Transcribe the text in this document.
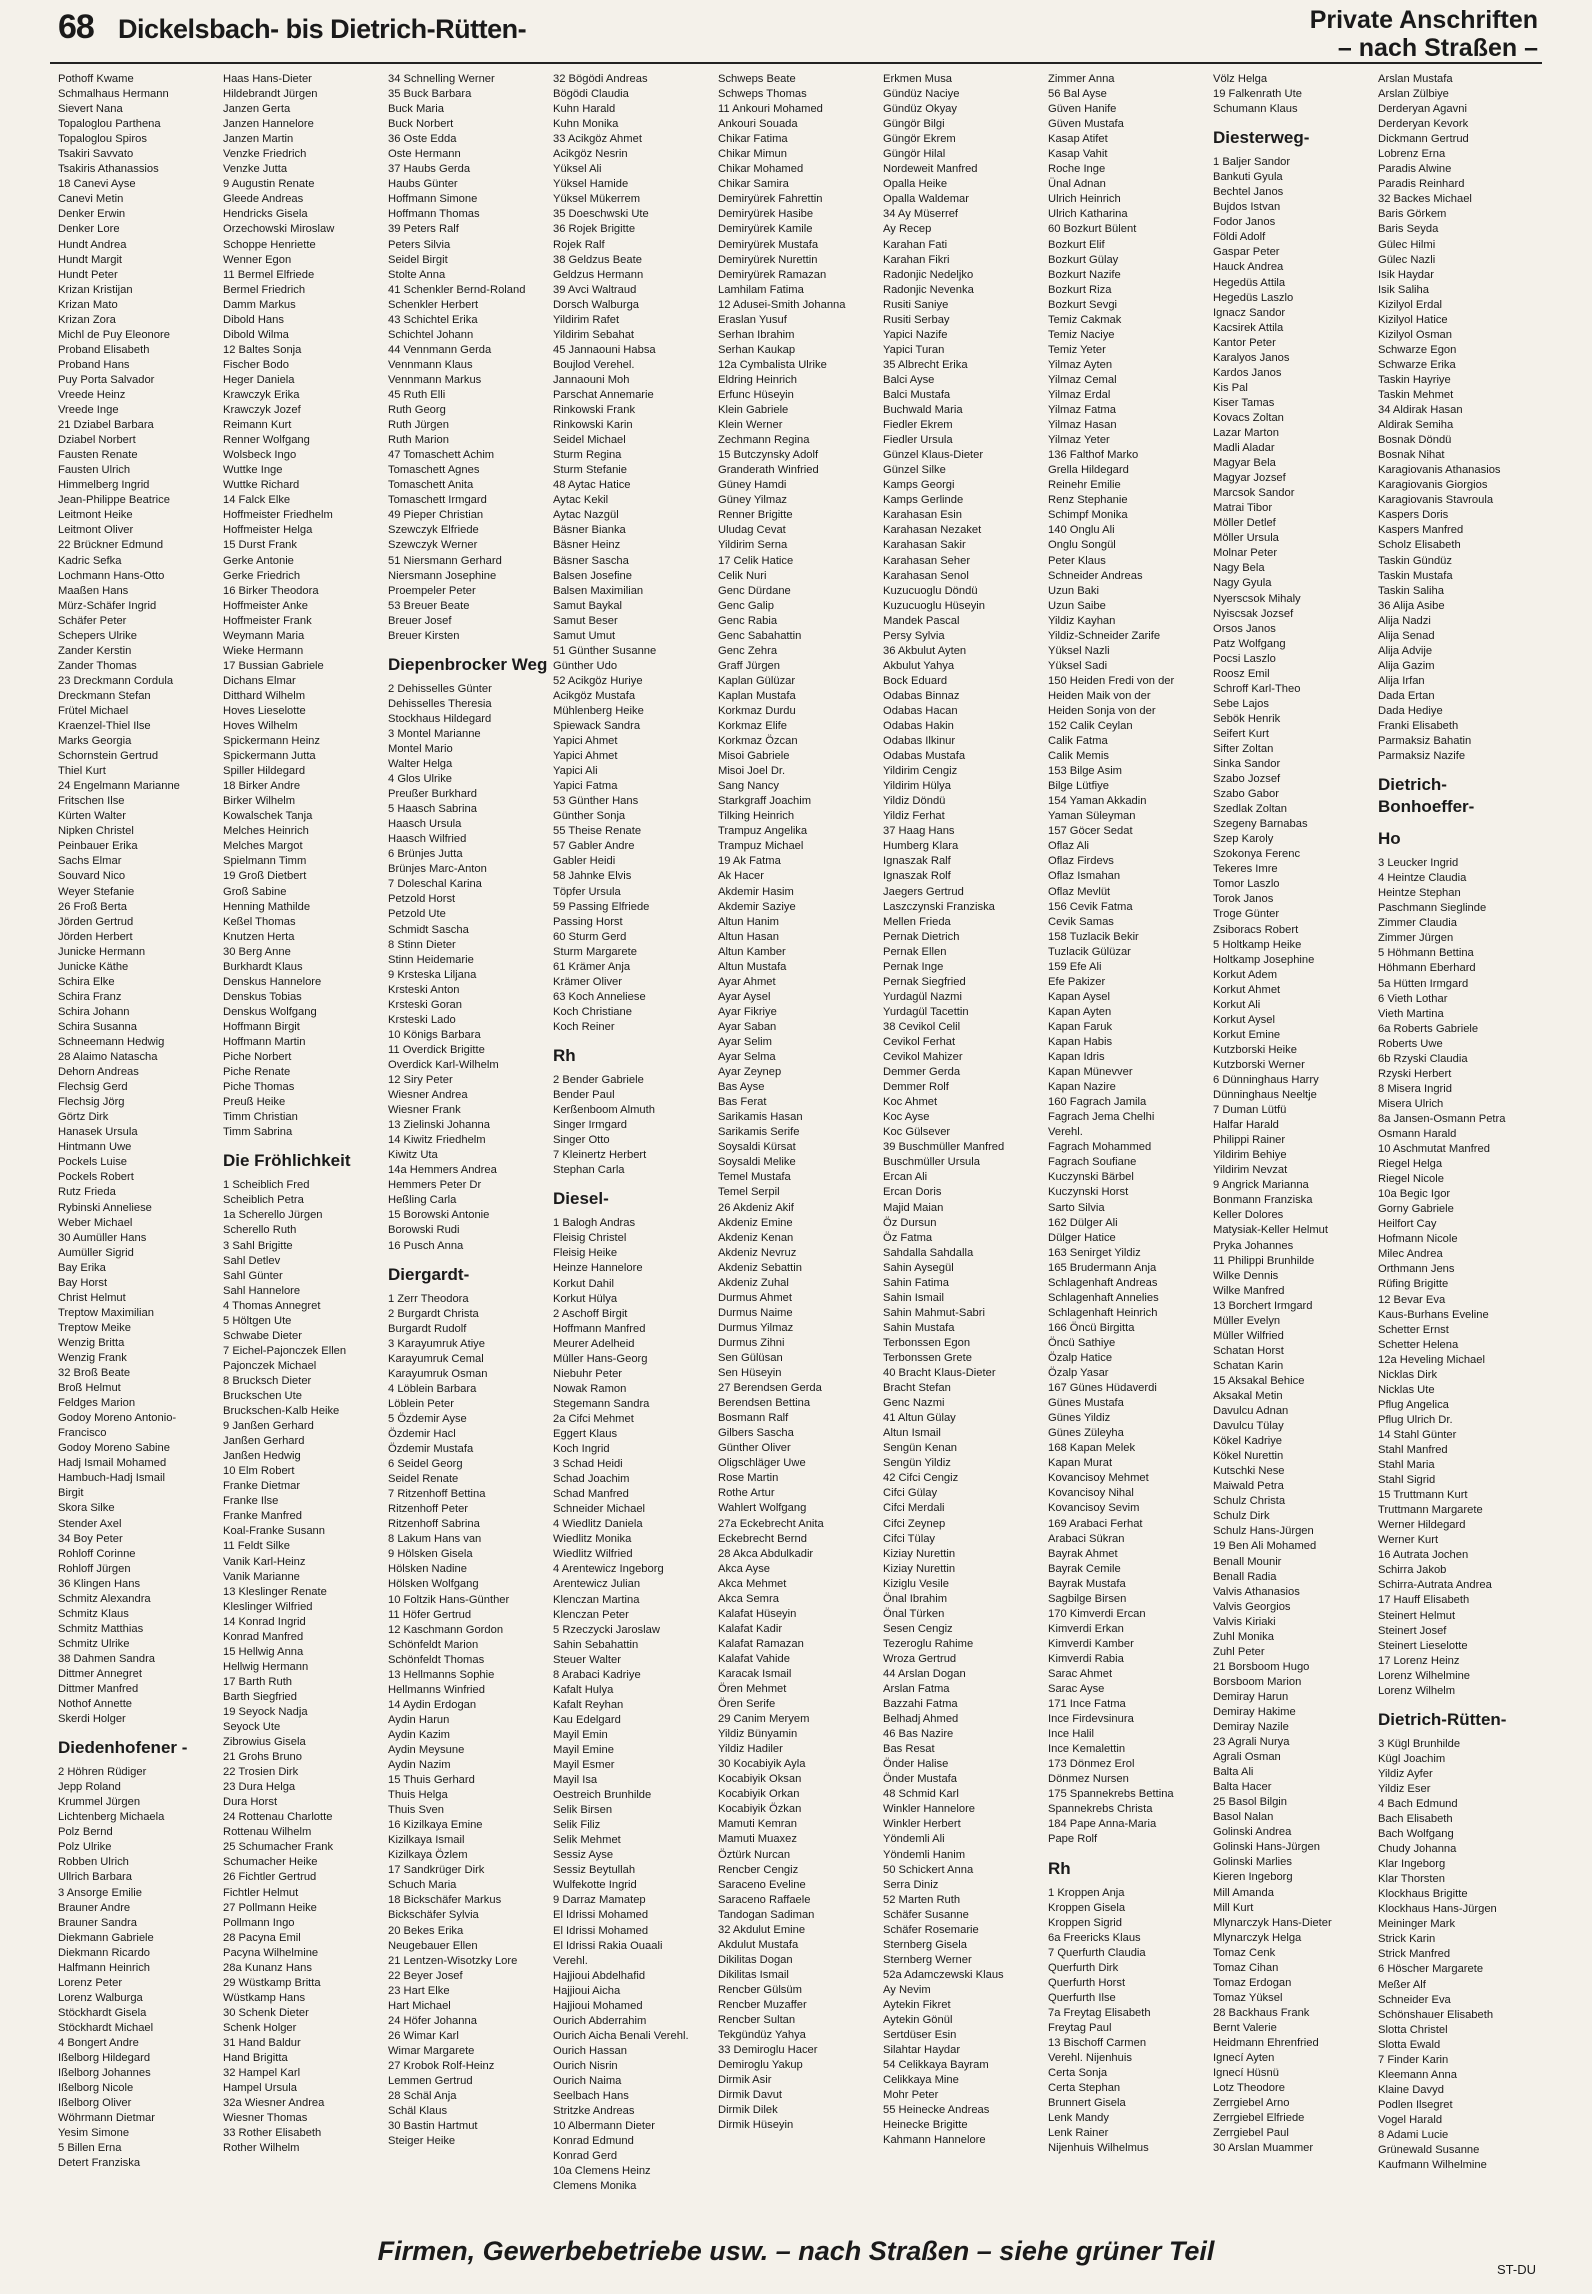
68 Dickelsbach- bis Dietrich-Rütten-	Private Anschriften
– nach Straßen –
Pothoff Kwame
Schmalhaus Hermann
Sievert Nana
Topaloglou Parthena
Topaloglou Spiros
Tsakiri Savvato
Tsakiris Athanassios
18 Canevi Ayse
Canevi Metin
Denker Erwin
Denker Lore
Hundt Andrea
Hundt Margit
Hundt Peter
Krizan Kristijan
Krizan Mato
Krizan Zora
Michl de Puy Eleonore
Proband Elisabeth
Proband Hans
Puy Porta Salvador
Vreede Heinz
Vreede Inge
21 Dziabel Barbara
Dziabel Norbert
Fausten Renate
Fausten Ulrich
Himmelberg Ingrid
Jean-Philippe Beatrice
Leitmont Heike
Leitmont Oliver
22 Brückner Edmund
Kadric Sefka
Lochmann Hans-Otto
Maaßen Hans
Mürz-Schäfer Ingrid
Schäfer Peter
Schepers Ulrike
Zander Kerstin
Zander Thomas
23 Dreckmann Cordula
Dreckmann Stefan
Frütel Michael
Kraenzel-Thiel Ilse
Marks Georgia
Schornstein Gertrud
Thiel Kurt
24 Engelmann Marianne
Fritschen Ilse
Kürten Walter
Nipken Christel
Peinbauer Erika
Sachs Elmar
Souvard Nico
Weyer Stefanie
26 Froß Berta
Jörden Gertrud
Jörden Herbert
Junicke Hermann
Junicke Käthe
Schira Elke
Schira Franz
Schira Johann
Schira Susanna
Schneemann Hedwig
28 Alaimo Natascha
Dehorn Andreas
Flechsig Gerd
Flechsig Jörg
Görtz Dirk
Hanasek Ursula
Hintmann Uwe
Pockels Luise
Pockels Robert
Rutz Frieda
Rybinski Anneliese
Weber Michael
30 Aumüller Hans
Aumüller Sigrid
Bay Erika
Bay Horst
Christ Helmut
Treptow Maximilian
Treptow Meike
Wenzig Britta
Wenzig Frank
32 Broß Beate
Broß Helmut
Feldges Marion
Godoy Moreno Antonio-
Francisco
Godoy Moreno Sabine
Hadj Ismail Mohamed
Hambuch-Hadj Ismail
Birgit
Skora Silke
Stender Axel
34 Boy Peter
Rohloff Corinne
Rohloff Jürgen
36 Klingen Hans
Schmitz Alexandra
Schmitz Klaus
Schmitz Matthias
Schmitz Ulrike
38 Dahmen Sandra
Dittmer Annegret
Dittmer Manfred
Nothof Annette
Skerdi Holger
Diedenhofener -
2 Höhren Rüdiger
Jepp Roland
Krummel Jürgen
Lichtenberg Michaela
Polz Bernd
Polz Ulrike
Robben Ulrich
Ullrich Barbara
3 Ansorge Emilie
Brauner Andre
Brauner Sandra
Diekmann Gabriele
Diekmann Ricardo
Halfmann Heinrich
Lorenz Peter
Lorenz Walburga
Stöckhardt Gisela
Stöckhardt Michael
4 Bongert Andre
Ißelborg Hildegard
Ißelborg Johannes
Ißelborg Nicole
Ißelborg Oliver
Wöhrmann Dietmar
Yesim Simone
5 Billen Erna
Detert Franziska
Haas Hans-Dieter
Hildebrandt Jürgen
Janzen Gerta
Janzen Hannelore
Janzen Martin
Venzke Friedrich
Venzke Jutta
9 Augustin Renate
Gleede Andreas
Hendricks Gisela
Orzechowski Miroslaw
Schoppe Henriette
Wenner Egon
11 Bermel Elfriede
Bermel Friedrich
Damm Markus
Dibold Hans
Dibold Wilma
12 Baltes Sonja
Fischer Bodo
Heger Daniela
Krawczyk Erika
Krawczyk Jozef
Reimann Kurt
Renner Wolfgang
Wolsbeck Ingo
Wuttke Inge
Wuttke Richard
14 Falck Elke
Hoffmeister Friedhelm
Hoffmeister Helga
15 Durst Frank
Gerke Antonie
Gerke Friedrich
16 Birker Theodora
Hoffmeister Anke
Hoffmeister Frank
Weymann Maria
Wieke Hermann
17 Bussian Gabriele
Dichans Elmar
Ditthard Wilhelm
Hoves Lieselotte
Hoves Wilhelm
Spickermann Heinz
Spickermann Jutta
Spiller Hildegard
18 Birker Andre
Birker Wilhelm
Kowalschek Tanja
Melches Heinrich
Melches Margot
Spielmann Timm
19 Groß Dietbert
Groß Sabine
Henning Mathilde
Keßel Thomas
Knutzen Herta
30 Berg Anne
Burkhardt Klaus
Denskus Hannelore
Denskus Tobias
Denskus Wolfgang
Hoffmann Birgit
Hoffmann Martin
Piche Norbert
Piche Renate
Piche Thomas
Preuß Heike
Timm Christian
Timm Sabrina
Die Fröhlichkeit
1 Scheiblich Fred
Scheiblich Petra
1a Scherello Jürgen
Scherello Ruth
3 Sahl Brigitte
Sahl Detlev
Sahl Günter
Sahl Hannelore
4 Thomas Annegret
5 Höltgen Ute
Schwabe Dieter
7 Eichel-Pajonczek Ellen
Pajonczek Michael
8 Brucksch Dieter
Bruckschen Ute
Bruckschen-Kalb Heike
9 Janßen Gerhard
Janßen Gerhard
Janßen Hedwig
10 Elm Robert
Franke Dietmar
Franke Ilse
Franke Manfred
Koal-Franke Susann
11 Feldt Silke
Vanik Karl-Heinz
Vanik Marianne
13 Kleslinger Renate
Kleslinger Wilfried
14 Konrad Ingrid
Konrad Manfred
15 Hellwig Anna
Hellwig Hermann
17 Barth Ruth
Barth Siegfried
19 Seyock Nadja
Seyock Ute
Zibrowius Gisela
21 Grohs Bruno
22 Trosien Dirk
23 Dura Helga
Dura Horst
24 Rottenau Charlotte
Rottenau Wilhelm
25 Schumacher Frank
Schumacher Heike
26 Fichtler Gertrud
Fichtler Helmut
27 Pollmann Heike
Pollmann Ingo
28 Pacyna Emil
Pacyna Wilhelmine
28a Kunanz Hans
29 Wüstkamp Britta
Wüstkamp Hans
30 Schenk Dieter
Schenk Holger
31 Hand Baldur
Hand Brigitta
32 Hampel Karl
Hampel Ursula
32a Wiesner Andrea
Wiesner Thomas
33 Rother Elisabeth
Rother Wilhelm
34 Schnelling Werner
35 Buck Barbara
Buck Maria
Buck Norbert
36 Oste Edda
Oste Hermann
37 Haubs Gerda
Haubs Günter
Hoffmann Simone
Hoffmann Thomas
39 Peters Ralf
Peters Silvia
Seidel Birgit
Stolte Anna
41 Schenkler Bernd-Roland
Schenkler Herbert
43 Schichtel Erika
Schichtel Johann
44 Vennmann Gerda
Vennmann Klaus
Vennmann Markus
45 Ruth Elli
Ruth Georg
Ruth Jürgen
Ruth Marion
47 Tomaschett Achim
Tomaschett Agnes
Tomaschett Anita
Tomaschett Irmgard
49 Pieper Christian
Szewczyk Elfriede
Szewczyk Werner
51 Niersmann Gerhard
Niersmann Josephine
Proempeler Peter
53 Breuer Beate
Breuer Josef
Breuer Kirsten
Diepenbrocker Weg
2 Dehisselles Günter
Dehisselles Theresia
Stockhaus Hildegard
3 Montel Marianne
Montel Mario
Walter Helga
4 Glos Ulrike
Preußer Burkhard
5 Haasch Sabrina
Haasch Ursula
Haasch Wilfried
6 Brünjes Jutta
Brünjes Marc-Anton
7 Doleschal Karina
Petzold Horst
Petzold Ute
Schmidt Sascha
8 Stinn Dieter
Stinn Heidemarie
9 Krsteska Liljana
Krsteski Anton
Krsteski Goran
Krsteski Lado
10 Königs Barbara
11 Overdick Brigitte
Overdick Karl-Wilhelm
12 Siry Peter
Wiesner Andrea
Wiesner Frank
13 Zielinski Johanna
14 Kiwitz Friedhelm
Kiwitz Uta
14a Hemmers Andrea
Hemmers Peter Dr
Heßling Carla
15 Borowski Antonie
Borowski Rudi
16 Pusch Anna
Diergardt-
1 Zerr Theodora
2 Burgardt Christa
Burgardt Rudolf
3 Karayumruk Atiye
Karayumruk Cemal
Karayumruk Osman
4 Löblein Barbara
Löblein Peter
5 Özdemir Ayse
Özdemir Hacl
Özdemir Mustafa
6 Seidel Georg
Seidel Renate
7 Ritzenhoff Bettina
Ritzenhoff Peter
Ritzenhoff Sabrina
8 Lakum Hans van
9 Hölsken Gisela
Hölsken Nadine
Hölsken Wolfgang
10 Foltzik Hans-Günther
11 Höfer Gertrud
12 Kaschmann Gordon
Schönfeldt Marion
Schönfeldt Thomas
13 Hellmanns Sophie
Hellmanns Winfried
14 Aydin Erdogan
Aydin Harun
Aydin Kazim
Aydin Meysune
Aydin Nazim
15 Thuis Gerhard
Thuis Helga
Thuis Sven
16 Kizilkaya Emine
Kizilkaya Ismail
Kizilkaya Özlem
17 Sandkrüger Dirk
Schuch Maria
18 Bickschäfer Markus
Bickschäfer Sylvia
20 Bekes Erika
Neugebauer Ellen
21 Lentzen-Wisotzky Lore
22 Beyer Josef
23 Hart Elke
Hart Michael
24 Höfer Johanna
26 Wimar Karl
Wimar Margarete
27 Krobok Rolf-Heinz
Lemmen Gertrud
28 Schäl Anja
Schäl Klaus
30 Bastin Hartmut
Steiger Heike
32 Bögödi Andreas
Bögödi Claudia
Kuhn Harald
Kuhn Monika
33 Acikgöz Ahmet
Acikgöz Nesrin
Yüksel Ali
Yüksel Hamide
Yüksel Mükerrem
35 Doeschwski Ute
36 Rojek Brigitte
Rojek Ralf
38 Geldzus Beate
Geldzus Hermann
39 Avci Waltraud
Dorsch Walburga
Yildirim Rafet
Yildirim Sebahat
45 Jannaouni Habsa
Boujlod Verehel.
Jannaouni Moh
Parschat Annemarie
Rinkowski Frank
Rinkowski Karin
Seidel Michael
Sturm Regina
Sturm Stefanie
48 Aytac Hatice
Aytac Kekil
Aytac Nazgül
Bäsner Bianka
Bäsner Heinz
Bäsner Sascha
Balsen Josefine
Balsen Maximilian
Samut Baykal
Samut Beser
Samut Umut
51 Günther Susanne
Günther Udo
52 Acikgöz Huriye
Acikgöz Mustafa
Mühlenberg Heike
Spiewack Sandra
Yapici Ahmet
Yapici Ahmet
Yapici Ali
Yapici Fatma
53 Günther Hans
Günther Sonja
55 Theise Renate
57 Gabler Andre
Gabler Heidi
58 Jahnke Elvis
Töpfer Ursula
59 Passing Elfriede
Passing Horst
60 Sturm Gerd
Sturm Margarete
61 Krämer Anja
Krämer Oliver
63 Koch Anneliese
Koch Christiane
Koch Reiner
Rh
2 Bender Gabriele
Bender Paul
Kerßenboom Almuth
Singer Irmgard
Singer Otto
7 Kleinertz Herbert
Stephan Carla
Diesel-
1 Balogh Andras
Fleisig Christel
Fleisig Heike
Heinze Hannelore
Korkut Dahil
Korkut Hülya
2 Aschoff Birgit
Hoffmann Manfred
Meurer Adelheid
Müller Hans-Georg
Niebuhr Peter
Nowak Ramon
Stegemann Sandra
2a Cifci Mehmet
Eggert Klaus
Koch Ingrid
3 Schad Heidi
Schad Joachim
Schad Manfred
Schneider Michael
4 Wiedlitz Daniela
Wiedlitz Monika
Wiedlitz Wilfried
4 Arentewicz Ingeborg
Arentewicz Julian
Klenczan Martina
Klenczan Peter
5 Rzeczycki Jaroslaw
Sahin Sebahattin
Steuer Walter
8 Arabaci Kadriye
Kafalt Hulya
Kafalt Reyhan
Kau Edelgard
Mayil Emin
Mayil Emine
Mayil Esmer
Mayil Isa
Oestreich Brunhilde
Selik Birsen
Selik Filiz
Selik Mehmet
Sessiz Ayse
Sessiz Beytullah
Wulfekotte Ingrid
9 Darraz Mamatep
El Idrissi Mohamed
El Idrissi Mohamed
El Idrissi Rakia Ouaali
Verehl.
Hajjioui Abdelhafid
Hajjioui Aicha
Hajjioui Mohamed
Ourich Abderrahim
Ourich Aicha Benali Verehl.
Ourich Hassan
Ourich Nisrin
Ourich Naima
Seelbach Hans
Stritzke Andreas
10 Albermann Dieter
Konrad Edmund
Konrad Gerd
10a Clemens Heinz
Clemens Monika
Schweps Beate
Schweps Thomas
11 Ankouri Mohamed
Ankouri Souada
Chikar Fatima
Chikar Mimun
Chikar Mohamed
Chikar Samira
Demiryürek Fahrettin
Demiryürek Hasibe
Demiryürek Kamile
Demiryürek Mustafa
Demiryürek Nurettin
Demiryürek Ramazan
Lamhilam Fatima
12 Adusei-Smith Johanna
Eraslan Yusuf
Serhan Ibrahim
Serhan Kaukap
12a Cymbalista Ulrike
Eldring Heinrich
Erfunc Hüseyin
Klein Gabriele
Klein Werner
Zechmann Regina
15 Butczynsky Adolf
Granderath Winfried
Güney Hamdi
Güney Yilmaz
Renner Brigitte
Uludag Cevat
Yildirim Serna
17 Celik Hatice
Celik Nuri
Genc Dürdane
Genc Galip
Genc Rabia
Genc Sabahattin
Genc Zehra
Graff Jürgen
Kaplan Gülüzar
Kaplan Mustafa
Korkmaz Durdu
Korkmaz Elife
Korkmaz Özcan
Misoi Gabriele
Misoi Joel Dr.
Sang Nancy
Starkgraff Joachim
Tilking Heinrich
Trampuz Angelika
Trampuz Michael
19 Ak Fatma
Ak Hacer
Akdemir Hasim
Akdemir Saziye
Altun Hanim
Altun Hasan
Altun Kamber
Altun Mustafa
Ayar Ahmet
Ayar Aysel
Ayar Fikriye
Ayar Saban
Ayar Selim
Ayar Selma
Ayar Zeynep
Bas Ayse
Bas Ferat
Sarikamis Hasan
Sarikamis Serife
Soysaldi Kürsat
Soysaldi Melike
Temel Mustafa
Temel Serpil
26 Akdeniz Akif
Akdeniz Emine
Akdeniz Kenan
Akdeniz Nevruz
Akdeniz Sebattin
Akdeniz Zuhal
Durmus Ahmet
Durmus Naime
Durmus Yilmaz
Durmus Zihni
Sen Gülüsan
Sen Hüseyin
27 Berendsen Gerda
Berendsen Bettina
Bosmann Ralf
Gilbers Sascha
Günther Oliver
Oligschläger Uwe
Rose Martin
Rothe Artur
Wahlert Wolfgang
27a Eckebrecht Anita
Eckebrecht Bernd
28 Akca Abdulkadir
Akca Ayse
Akca Mehmet
Akca Semra
Kalafat Hüseyin
Kalafat Kadir
Kalafat Ramazan
Kalafat Vahide
Karacak Ismail
Ören Mehmet
Ören Serife
29 Canim Meryem
Yildiz Bünyamin
Yildiz Hadiler
30 Kocabiyik Ayla
Kocabiyik Oksan
Kocabiyik Orkan
Kocabiyik Özkan
Mamuti Kemran
Mamuti Muaxez
Öztürk Nurcan
Rencber Cengiz
Saraceno Eveline
Saraceno Raffaele
Tandogan Sadiman
32 Akdulut Emine
Akdulut Mustafa
Dikilitas Dogan
Dikilitas Ismail
Rencber Gülsüm
Rencber Muzaffer
Rencber Sultan
Tekgündüz Yahya
33 Demiroglu Hacer
Demiroglu Yakup
Dirmik Asir
Dirmik Davut
Dirmik Dilek
Dirmik Hüseyin
Erkmen Musa
Gündüz Naciye
Gündüz Okyay
Güngör Bilgi
Güngör Ekrem
Güngör Hilal
Nordeweit Manfred
Opalla Heike
Opalla Waldemar
34 Ay Müserref
Ay Recep
Karahan Fati
Karahan Fikri
Radonjic Nedeljko
Radonjic Nevenka
Rusiti Saniye
Rusiti Serbay
Yapici Nazife
Yapici Turan
35 Albrecht Erika
Balci Ayse
Balci Mustafa
Buchwald Maria
Fiedler Ekrem
Fiedler Ursula
Günzel Klaus-Dieter
Günzel Silke
Kamps Georgi
Kamps Gerlinde
Karahasan Esin
Karahasan Nezaket
Karahasan Sakir
Karahasan Seher
Karahasan Senol
Kuzucuoglu Döndü
Kuzucuoglu Hüseyin
Mandek Pascal
Persy Sylvia
36 Akbulut Ayten
Akbulut Yahya
Bock Eduard
Odabas Binnaz
Odabas Hacan
Odabas Hakin
Odabas Ilkinur
Odabas Mustafa
Yildirim Cengiz
Yildirim Hülya
Yildiz Döndü
Yildiz Ferhat
37 Haag Hans
Humberg Klara
Ignaszak Ralf
Ignaszak Rolf
Jaegers Gertrud
Laszczynski Franziska
Mellen Frieda
Pernak Dietrich
Pernak Ellen
Pernak Inge
Pernak Siegfried
Yurdagül Nazmi
Yurdagül Tacettin
38 Cevikol Celil
Cevikol Ferhat
Cevikol Mahizer
Demmer Gerda
Demmer Rolf
Koc Ahmet
Koc Ayse
Koc Gülsever
39 Buschmüller Manfred
Buschmüller Ursula
Ercan Ali
Ercan Doris
Majid Maian
Öz Dursun
Öz Fatma
Sahdalla Sahdalla
Sahin Aysegül
Sahin Fatima
Sahin Ismail
Sahin Mahmut-Sabri
Sahin Mustafa
Terbonssen Egon
Terbonssen Grete
40 Bracht Klaus-Dieter
Bracht Stefan
Genc Nazmi
41 Altun Gülay
Altun Ismail
Sengün Kenan
Sengün Yildiz
42 Cifci Cengiz
Cifci Gülay
Cifci Merdali
Cifci Zeynep
Cifci Tülay
Kiziay Nurettin
Kiziay Nurettin
Kiziglu Vesile
Önal Ibrahim
Önal Türken
Sesen Cengiz
Tezeroglu Rahime
Wroza Gertrud
44 Arslan Dogan
Arslan Fatma
Bazzahi Fatma
Belhadj Ahmed
46 Bas Nazire
Bas Resat
Önder Halise
Önder Mustafa
48 Schmid Karl
Winkler Hannelore
Winkler Herbert
Yöndemli Ali
Yöndemli Hanim
50 Schickert Anna
Serra Diniz
52 Marten Ruth
Schäfer Susanne
Schäfer Rosemarie
Sternberg Gisela
Sternberg Werner
52a Adamczewski Klaus
Ay Nevim
Aytekin Fikret
Aytekin Gönül
Sertdüser Esin
Silahtar Haydar
54 Celikkaya Bayram
Celikkaya Mine
Mohr Peter
55 Heinecke Andreas
Heinecke Brigitte
Kahmann Hannelore
Zimmer Anna
56 Bal Ayse
Güven Hanife
Güven Mustafa
Kasap Atifet
Kasap Vahit
Roche Inge
Ünal Adnan
Ulrich Heinrich
Ulrich Katharina
60 Bozkurt Bülent
Bozkurt Elif
Bozkurt Gülay
Bozkurt Nazife
Bozkurt Riza
Bozkurt Sevgi
Temiz Cakmak
Temiz Naciye
Temiz Yeter
Yilmaz Ayten
Yilmaz Cemal
Yilmaz Erdal
Yilmaz Fatma
Yilmaz Hasan
Yilmaz Yeter
136 Falthof Marko
Grella Hildegard
Reinehr Emilie
Renz Stephanie
Schimpf Monika
140 Onglu Ali
Onglu Songül
Peter Klaus
Schneider Andreas
Uzun Baki
Uzun Saibe
Yildiz Kayhan
Yildiz-Schneider Zarife
Yüksel Nazli
Yüksel Sadi
150 Heiden Fredi von der
Heiden Maik von der
Heiden Sonja von der
152 Calik Ceylan
Calik Fatma
Calik Memis
153 Bilge Asim
Bilge Lütfiye
154 Yaman Akkadin
Yaman Süleyman
157 Göcer Sedat
Oflaz Ali
Oflaz Firdevs
Oflaz Ismahan
Oflaz Mevlüt
156 Cevik Fatma
Cevik Samas
158 Tuzlacik Bekir
Tuzlacik Gülüzar
159 Efe Ali
Efe Pakizer
Kapan Aysel
Kapan Ayten
Kapan Faruk
Kapan Habis
Kapan Idris
Kapan Münevver
Kapan Nazire
160 Fagrach Jamila
Fagrach Jema Chelhi
Verehl.
Fagrach Mohammed
Fagrach Soufiane
Kuczynski Bärbel
Kuczynski Horst
Sarto Silvia
162 Dülger Ali
Dülger Hatice
163 Senirget Yildiz
165 Brudermann Anja
Schlagenhaft Andreas
Schlagenhaft Annelies
Schlagenhaft Heinrich
166 Öncü Birgitta
Öncü Sathiye
Özalp Hatice
Özalp Yasar
167 Günes Hüdaverdi
Günes Mustafa
Günes Yildiz
Günes Züleyha
168 Kapan Melek
Kapan Murat
Kovancisoy Mehmet
Kovancisoy Nihal
Kovancisoy Sevim
169 Arabaci Ferhat
Arabaci Sükran
Bayrak Ahmet
Bayrak Cemile
Bayrak Mustafa
Sagbilge Birsen
170 Kimverdi Ercan
Kimverdi Erkan
Kimverdi Kamber
Kimverdi Rabia
Sarac Ahmet
Sarac Ayse
171 Ince Fatma
Ince Firdevsinura
Ince Halil
Ince Kemalettin
173 Dönmez Erol
Dönmez Nursen
175 Spannekrebs Bettina
Spannekrebs Christa
184 Pape Anna-Maria
Pape Rolf
Rh
1 Kroppen Anja
Kroppen Gisela
Kroppen Sigrid
6a Freericks Klaus
7 Querfurth Claudia
Querfurth Dirk
Querfurth Horst
Querfurth Ilse
7a Freytag Elisabeth
Freytag Paul
13 Bischoff Carmen
Verehl. Nijenhuis
Certa Sonja
Certa Stephan
Brunnert Gisela
Lenk Mandy
Lenk Rainer
Nijenhuis Wilhelmus
Völz Helga
19 Falkenrath Ute
Schumann Klaus
Diesterweg-
1 Baljer Sandor
Bankuti Gyula
Bechtel Janos
Bujdos Istvan
Fodor Janos
Földi Adolf
Gaspar Peter
Hauck Andrea
Hegedüs Attila
Hegedüs Laszlo
Ignacz Sandor
Kacsirek Attila
Kantor Peter
Karalyos Janos
Kardos Janos
Kis Pal
Kiser Tamas
Kovacs Zoltan
Lazar Marton
Madli Aladar
Magyar Bela
Magyar Jozsef
Marcsok Sandor
Matrai Tibor
Möller Detlef
Möller Ursula
Molnar Peter
Nagy Bela
Nagy Gyula
Nyerscsok Mihaly
Nyiscsak Jozsef
Orsos Janos
Patz Wolfgang
Pocsi Laszlo
Roosz Emil
Schroff Karl-Theo
Sebe Lajos
Sebök Henrik
Seifert Kurt
Sifter Zoltan
Sinka Sandor
Szabo Jozsef
Szabo Gabor
Szedlak Zoltan
Szegeny Barnabas
Szep Karoly
Szokonya Ferenc
Tekeres Imre
Tomor Laszlo
Torok Janos
Troge Günter
Zsiboracs Robert
5 Holtkamp Heike
Holtkamp Josephine
Korkut Adem
Korkut Ahmet
Korkut Ali
Korkut Aysel
Korkut Emine
Kutzborski Heike
Kutzborski Werner
6 Dünninghaus Harry
Dünninghaus Neeltje
7 Duman Lütfü
Halfar Harald
Philippi Rainer
Yildirim Behiye
Yildirim Nevzat
9 Angrick Marianna
Bonmann Franziska
Keller Dolores
Matysiak-Keller Helmut
Pryka Johannes
11 Philippi Brunhilde
Wilke Dennis
Wilke Manfred
13 Borchert Irmgard
Müller Evelyn
Müller Wilfried
Schatan Horst
Schatan Karin
15 Aksakal Behice
Aksakal Metin
Davulcu Adnan
Davulcu Tülay
Kökel Kadriye
Kökel Nurettin
Kutschki Nese
Maiwald Petra
Schulz Christa
Schulz Dirk
Schulz Hans-Jürgen
19 Ben Ali Mohamed
Benall Mounir
Benall Radia
Valvis Athanasios
Valvis Georgios
Valvis Kiriaki
Zuhl Monika
Zuhl Peter
21 Borsboom Hugo
Borsboom Marion
Demiray Harun
Demiray Hakime
Demiray Nazile
23 Agrali Nurya
Agrali Osman
Balta Ali
Balta Hacer
25 Basol Bilgin
Basol Nalan
Golinski Andrea
Golinski Hans-Jürgen
Golinski Marlies
Kieren Ingeborg
Mill Amanda
Mill Kurt
Mlynarczyk Hans-Dieter
Mlynarczyk Helga
Tomaz Cenk
Tomaz Cihan
Tomaz Erdogan
Tomaz Yüksel
28 Backhaus Frank
Bernt Valerie
Heidmann Ehrenfried
Ignecí Ayten
Ignecí Hüsnü
Lotz Theodore
Zerrgiebel Arno
Zerrgiebel Elfriede
Zerrgiebel Paul
30 Arslan Muammer
Arslan Mustafa
Arslan Zülbiye
Derderyan Agavni
Derderyan Kevork
Dickmann Gertrud
Lobrenz Erna
Paradis Alwine
Paradis Reinhard
32 Backes Michael
Baris Görkem
Baris Seyda
Gülec Hilmi
Gülec Nazli
Isik Haydar
Isik Saliha
Kizilyol Erdal
Kizilyol Hatice
Kizilyol Osman
Schwarze Egon
Schwarze Erika
Taskin Hayriye
Taskin Mehmet
34 Aldirak Hasan
Aldirak Semiha
Bosnak Döndü
Bosnak Nihat
Karagiovanis Athanasios
Karagiovanis Giorgios
Karagiovanis Stavroula
Kaspers Doris
Kaspers Manfred
Scholz Elisabeth
Taskin Gündüz
Taskin Mustafa
Taskin Saliha
36 Alija Asibe
Alija Nadzi
Alija Senad
Alija Advije
Alija Gazim
Alija Irfan
Dada Ertan
Dada Hediye
Franki Elisabeth
Parmaksiz Bahatin
Parmaksiz Nazife
Dietrich-Bonhoeffer-
Ho
3 Leucker Ingrid
4 Heintze Claudia
Heintze Stephan
Paschmann Sieglinde
Zimmer Claudia
Zimmer Jürgen
5 Höhmann Bettina
Höhmann Eberhard
5a Hütten Irmgard
6 Vieth Lothar
Vieth Martina
6a Roberts Gabriele
Roberts Uwe
6b Rzyski Claudia
Rzyski Herbert
8 Misera Ingrid
Misera Ulrich
8a Jansen-Osmann Petra
Osmann Harald
10 Aschmutat Manfred
Riegel Helga
Riegel Nicole
10a Begic Igor
Gorny Gabriele
Heilfort Cay
Hofmann Nicole
Milec Andrea
Orthmann Jens
Rüfing Brigitte
12 Bevar Eva
Kaus-Burhans Eveline
Schetter Ernst
Schetter Helena
12a Heveling Michael
Nicklas Dirk
Nicklas Ute
Pflug Angelica
Pflug Ulrich Dr.
14 Stahl Günter
Stahl Manfred
Stahl Maria
Stahl Sigrid
15 Truttmann Kurt
Truttmann Margarete
Werner Hildegard
Werner Kurt
16 Autrata Jochen
Schirra Jakob
Schirra-Autrata Andrea
17 Hauff Elisabeth
Steinert Helmut
Steinert Josef
Steinert Lieselotte
17 Lorenz Heinz
Lorenz Wilhelmine
Lorenz Wilhelm
Dietrich-Rütten-
3 Kügl Brunhilde
Kügl Joachim
Yildiz Ayfer
Yildiz Eser
4 Bach Edmund
Bach Elisabeth
Bach Wolfgang
Chudy Johanna
Klar Ingeborg
Klar Thorsten
Klockhaus Brigitte
Klockhaus Hans-Jürgen
Meininger Mark
Strick Karin
Strick Manfred
6 Höscher Margarete
Meßer Alf
Schneider Eva
Schönshauer Elisabeth
Slotta Christel
Slotta Ewald
7 Finder Karin
Kleemann Anna
Klaine Davyd
Podlen Ilsegret
Vogel Harald
8 Adami Lucie
Grünewald Susanne
Kaufmann Wilhelmine
Firmen, Gewerbebetriebe usw. – nach Straßen – siehe grüner Teil
ST-DU
